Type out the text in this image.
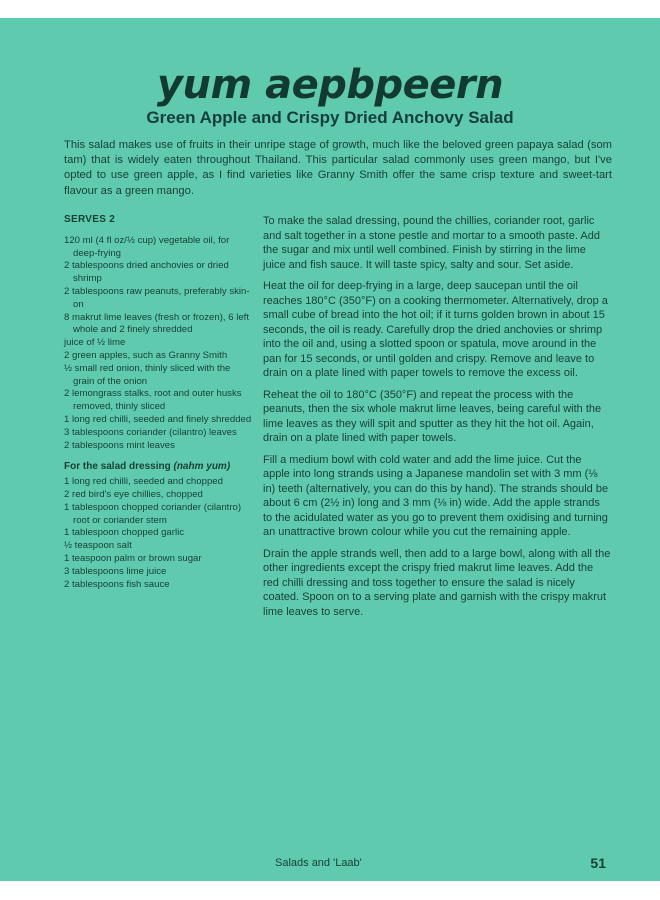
yum aepbpeern
Green Apple and Crispy Dried Anchovy Salad

This salad makes use of fruits in their unripe stage of growth, much like the beloved green papaya salad (som tam) that is widely eaten throughout Thailand. This particular salad commonly uses green mango, but I've opted to use green apple, as I find varieties like Granny Smith offer the same crisp texture and sweet-tart flavour as a green mango.

SERVES 2

120 ml (4 fl oz/½ cup) vegetable oil, for deep-frying
2 tablespoons dried anchovies or dried shrimp
2 tablespoons raw peanuts, preferably skin-on
8 makrut lime leaves (fresh or frozen), 6 left whole and 2 finely shredded
juice of ½ lime
2 green apples, such as Granny Smith
½ small red onion, thinly sliced with the grain of the onion
2 lemongrass stalks, root and outer husks removed, thinly sliced
1 long red chilli, seeded and finely shredded
3 tablespoons coriander (cilantro) leaves
2 tablespoons mint leaves

For the salad dressing (nahm yum)

1 long red chilli, seeded and chopped
2 red bird's eye chillies, chopped
1 tablespoon chopped coriander (cilantro) root or coriander stem
1 tablespoon chopped garlic
½ teaspoon salt
1 teaspoon palm or brown sugar
3 tablespoons lime juice
2 tablespoons fish sauce

To make the salad dressing, pound the chillies, coriander root, garlic and salt together in a stone pestle and mortar to a smooth paste. Add the sugar and mix until well combined. Finish by stirring in the lime juice and fish sauce. It will taste spicy, salty and sour. Set aside.

Heat the oil for deep-frying in a large, deep saucepan until the oil reaches 180°C (350°F) on a cooking thermometer. Alternatively, drop a small cube of bread into the hot oil; if it turns golden brown in about 15 seconds, the oil is ready. Carefully drop the dried anchovies or shrimp into the oil and, using a slotted spoon or spatula, move around in the pan for 15 seconds, or until golden and crispy. Remove and leave to drain on a plate lined with paper towels to remove the excess oil.

Reheat the oil to 180°C (350°F) and repeat the process with the peanuts, then the six whole makrut lime leaves, being careful with the lime leaves as they will spit and sputter as they hit the hot oil. Again, drain on a plate lined with paper towels.

Fill a medium bowl with cold water and add the lime juice. Cut the apple into long strands using a Japanese mandolin set with 3 mm (⅛ in) teeth (alternatively, you can do this by hand). The strands should be about 6 cm (2½ in) long and 3 mm (⅛ in) wide. Add the apple strands to the acidulated water as you go to prevent them oxidising and turning an unattractive brown colour while you cut the remaining apple.

Drain the apple strands well, then add to a large bowl, along with all the other ingredients except the crispy fried makrut lime leaves. Add the red chilli dressing and toss together to ensure the salad is nicely coated. Spoon on to a serving plate and garnish with the crispy makrut lime leaves to serve.

Salads and 'Laab'	51
